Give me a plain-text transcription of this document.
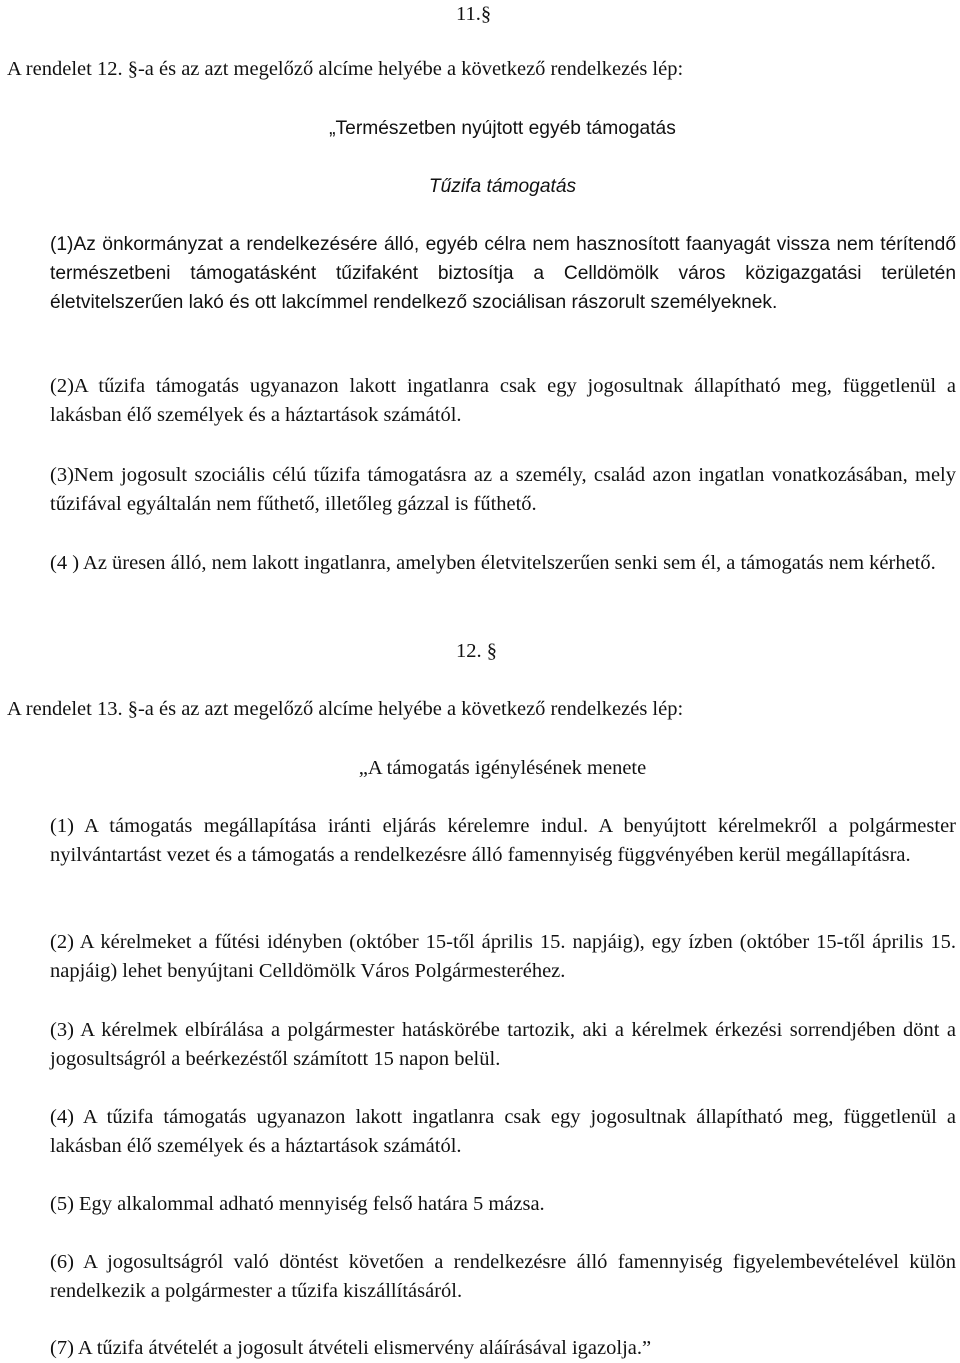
11.§

A rendelet 12. §-a és az azt megelőző alcíme helyébe a következő rendelkezés lép:

„Természetben nyújtott egyéb támogatás

Tűzifa támogatás

(1)Az önkormányzat a rendelkezésére álló, egyéb célra nem hasznosított faanyagát vissza nem térítendő természetbeni támogatásként tűzifaként biztosítja a Celldömölk város közigazgatási területén életvitelszerűen lakó és ott lakcímmel rendelkező szociálisan rászorult személyeknek.

(2)A tűzifa támogatás ugyanazon lakott ingatlanra csak egy jogosultnak állapítható meg, függetlenül a lakásban élő személyek és a háztartások számától.

(3)Nem jogosult szociális célú tűzifa támogatásra az a személy, család azon ingatlan vonatkozásában, mely tűzifával egyáltalán nem fűthető, illetőleg gázzal is fűthető.

(4 ) Az üresen álló, nem lakott ingatlanra, amelyben életvitelszerűen senki sem él, a támogatás nem kérhető.

12. §

A rendelet 13. §-a és az azt megelőző alcíme helyébe a következő rendelkezés lép:

„A támogatás igénylésének menete

(1) A támogatás megállapítása iránti eljárás kérelemre indul. A benyújtott kérelmekről a polgármester nyilvántartást vezet és a támogatás a rendelkezésre álló famennyiség függvényében kerül megállapításra.

(2) A kérelmeket a fűtési idényben (október 15-től április 15. napjáig), egy ízben (október 15-től április 15. napjáig) lehet benyújtani Celldömölk Város Polgármesteréhez.

(3) A kérelmek elbírálása a polgármester hatáskörébe tartozik, aki a kérelmek érkezési sorrendjében dönt a jogosultságról a beérkezéstől számított 15 napon belül.

(4) A tűzifa támogatás ugyanazon lakott ingatlanra csak egy jogosultnak állapítható meg, függetlenül a lakásban élő személyek és a háztartások számától.

(5) Egy alkalommal adható mennyiség felső határa 5 mázsa.

(6) A jogosultságról való döntést követően a rendelkezésre álló famennyiség figyelembevételével külön rendelkezik a polgármester a tűzifa kiszállításáról.

(7) A tűzifa átvételét a jogosult átvételi elismervény aláírásával igazolja.”
